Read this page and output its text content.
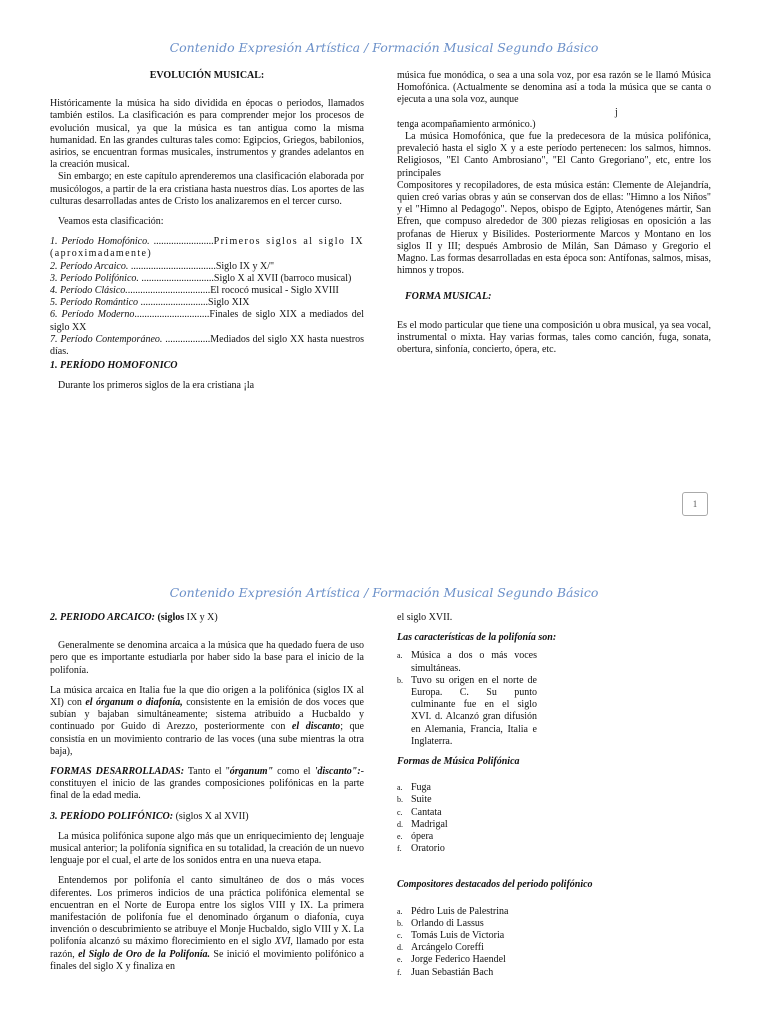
Contenido Expresión Artística / Formación Musical Segundo Básico

EVOLUCIÓN MUSICAL:

Históricamente la música ha sido dividida en épocas o periodos, llamados también estilos. La clasificación es para comprender mejor los procesos de evolución musical, ya que la música es tan antigua como la misma humanidad. En las grandes culturas tales como: Egipcios, Griegos, babilonios, asirios, se encuentran formas musicales, instrumentos y grandes adelantos en la creación musical.

Sin embargo; en este capítulo aprenderemos una clasificación elaborada por musicólogos, a partir de la era cristiana hasta nuestros días. Los aportes de las culturas desarrolladas antes de Cristo los analizaremos en el tercer curso.

Veamos esta clasificación:

1. Período Homofónico. ........................Primeros siglos al siglo IX (aproximadamente)
2. Período Arcaico. ..................................Siglo IX y X/"
3. Período Polifónico. .............................Siglo X al XVII (barroco musical)
4. Período Clásico..................................El rococó musical - Siglo XVIII
5. Período Romántico ...........................Siglo XIX
6. Período Moderno..............................Finales de siglo XIX a mediados del siglo XX
7. Período Contemporáneo. ..................Mediados del siglo XX hasta nuestros días.

1. PERÍODO HOMOFONICO

Durante los primeros siglos de la era cristiana ¡la

música fue monódica, o sea a una sola voz, por esa razón se le llamó Música Homofónica. (Actualmente se denomina así a toda la música que se canta o ejecuta a una sola voz, aunque
j
tenga acompañamiento armónico.)

La música Homofónica, que fue la predecesora de la música polifónica, prevaleció hasta el siglo X y a este período pertenecen: los salmos, himnos. Religiosos, "El Canto Ambrosiano", "El Canto Gregoriano", etc, entre los principales

Compositores y recopiladores, de esta música están: Clemente de Alejandría, quien creó varias obras y aún se conservan dos de ellas: "Himno a los Niños" y el "Himno al Pedagogo". Nepos, obispo de Egipto, Atenógenes mártir, San Efren, que compuso alrededor de 300 piezas religiosas en oposición a las profanas de Hierux y Bisilides. Posteriormente Marcos y Montano en los siglos II y III; después Ambrosio de Milán, San Dámaso y Gregorio el Magno. Las formas desarrolladas en esta época son: Antífonas, salmos, misas, himnos y tropos.

FORMA MUSICAL:

Es el modo particular que tiene una composición u obra musical, ya sea vocal, instrumental o mixta. Hay varias formas, tales como canción, fuga, sonata, obertura, sinfonía, concierto, ópera, etc.

1
Contenido Expresión Artística / Formación Musical Segundo Básico

2. PERIODO ARCAICO: (siglos IX y X)

Generalmente se denomina arcaica a la música que ha quedado fuera de uso pero que es importante estudiarla por haber sido la base para el inicio de la polifonía.

La música arcaica en Italia fue la que dio origen a la polifónica (siglos IX al XI) con el órganum o diafonía, consistente en la emisión de dos voces que subían y bajaban simultáneamente; sistema atribuido a Hucbaldo y continuado por Guido di Arezzo, posteriormente con el discanto; que consistía en un movimiento contrario de las voces (una sube mientras la otra baja),

FORMAS DESARROLLADAS: Tanto el "órganum" como el 'discanto":- constituyen el inicio de las grandes composiciones polifónicas en la parte final de la edad media.

3. PERÍODO POLIFÓNICO: (siglos X al XVII)

La música polifónica supone algo más que un enriquecimiento de¡ lenguaje musical anterior; la polifonía significa en su totalidad, la creación de un nuevo lenguaje por el cual, el arte de los sonidos entra en una nueva etapa.

Entendemos por polifonía el canto simultáneo de dos o más voces diferentes. Los primeros indicios de una práctica polifónica elemental se encuentran en el Norte de Europa entre los siglos VIII y IX. La primera manifestación de polifonía fue el denominado órganum o diafonía, cuya invención o descubrimiento se atribuye el Monje Hucbaldo, siglo VIII y X. La polifonía alcanzó su máximo florecimiento en el siglo XVI, llamado por esta razón, el Siglo de Oro de la Polifonía. Se inició el movimiento polifónico a finales del siglo X y finaliza en

el siglo XVII.

Las características de la polifonía son:

a. Música a dos o más voces simultáneas.
b. Tuvo su origen en el norte de Europa. C. Su punto culminante fue en el siglo XVI. d. Alcanzó gran difusión en Alemania, Francia, Italia e Inglaterra.

Formas de Música Polifónica

a. Fuga
b. Suite
c. Cantata
d. Madrigal
e. ópera
f. Oratorio

Compositores destacados del periodo polifónico

a. Pédro Luis de Palestrina
b. Orlando di Lassus
c. Tomás Luis de Victoria
d. Arcángelo Coreffi
e. Jorge Federico Haendel
f. Juan Sebastián Bach
